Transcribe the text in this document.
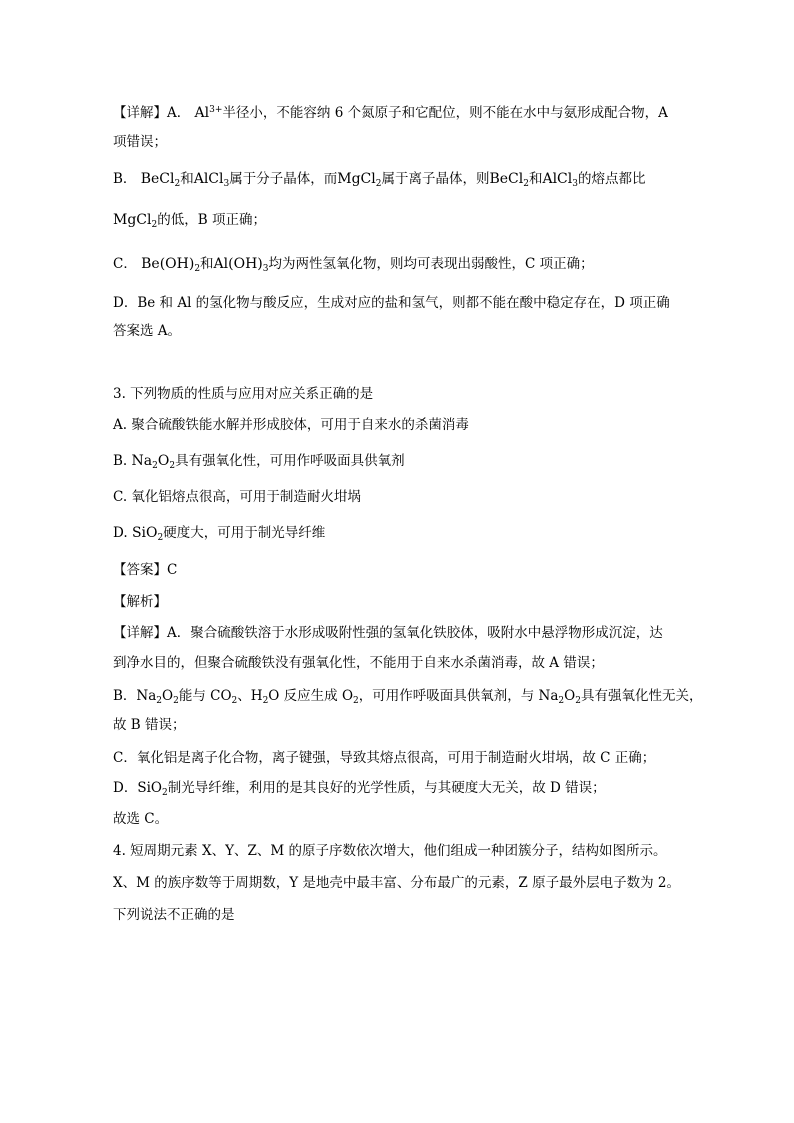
【详解】A． $Al^{3+}$半径小，不能容纳 6 个氮原子和它配位，则不能在水中与氨形成配合物，A
项错误；
B． BeCl$_2$和AlCl$_3$属于分子晶体，而MgCl$_2$属于离子晶体，则BeCl$_2$和AlCl$_3$的熔点都比
MgCl$_2$的低，B 项正确；
C． $Be(OH)_2$和$Al(OH)_3$均为两性氢氧化物，则均可表现出弱酸性，C 项正确；
D．Be 和 Al 的氢化物与酸反应，生成对应的盐和氢气，则都不能在酸中稳定存在，D 项正确
答案选 A。
3. 下列物质的性质与应用对应关系正确的是
A. 聚合硫酸铁能水解并形成胶体，可用于自来水的杀菌消毒
B. $Na_2O_2$具有强氧化性，可用作呼吸面具供氧剂
C. 氧化铝熔点很高，可用于制造耐火坩埚
D. SiO$_2$硬度大，可用于制光导纤维
【答案】C
【解析】
【详解】A．聚合硫酸铁溶于水形成吸附性强的氢氧化铁胶体，吸附水中悬浮物形成沉淀，达
到净水目的，但聚合硫酸铁没有强氧化性，不能用于自来水杀菌消毒，故 A 错误；
B．$Na_2O_2$能与 $CO_2$、$H_2O$ 反应生成 $O_2$，可用作呼吸面具供氧剂，与 $Na_2O_2$具有强氧化性无关，
故 B 错误；
C．氧化铝是离子化合物，离子键强，导致其熔点很高，可用于制造耐火坩埚，故 C 正确；
D．SiO$_2$制光导纤维，利用的是其良好的光学性质，与其硬度大无关，故 D 错误；
故选 C。
4. 短周期元素 X、Y、Z、M 的原子序数依次增大，他们组成一种团簇分子，结构如图所示。
X、M 的族序数等于周期数，Y 是地壳中最丰富、分布最广的元素，Z 原子最外层电子数为 2。
下列说法不正确的是
